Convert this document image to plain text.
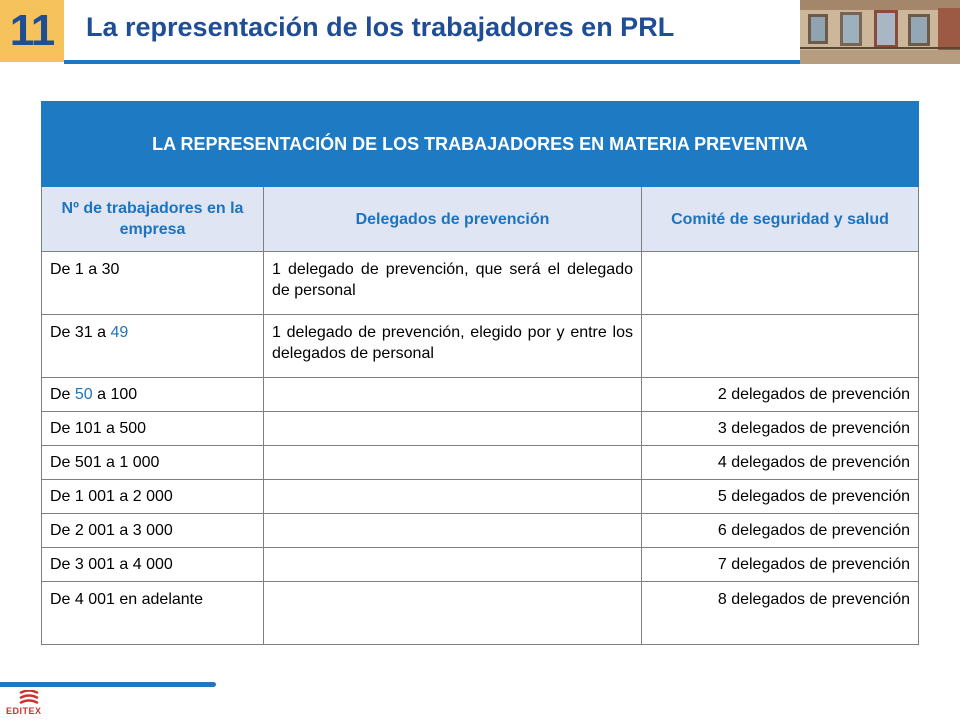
11	La representación de los trabajadores en PRL
LA REPRESENTACIÓN DE LOS TRABAJADORES EN MATERIA PREVENTIVA		
Nº de trabajadores en la empresa	Delegados de prevención	Comité de seguridad y salud
De 1 a 30	1 delegado de prevención, que será el delegado de personal	
De 31 a 49	1 delegado de prevención, elegido por y entre los delegados de personal	
De 50 a 100		2 delegados de prevención
De 101 a 500		3 delegados de prevención
De 501 a 1 000		4 delegados de prevención
De 1 001 a 2 000		5 delegados de prevención
De 2 001 a 3 000		6 delegados de prevención
De 3 001 a 4 000		7 delegados de prevención
De 4 001 en adelante		8 delegados de prevención
EDITEX
